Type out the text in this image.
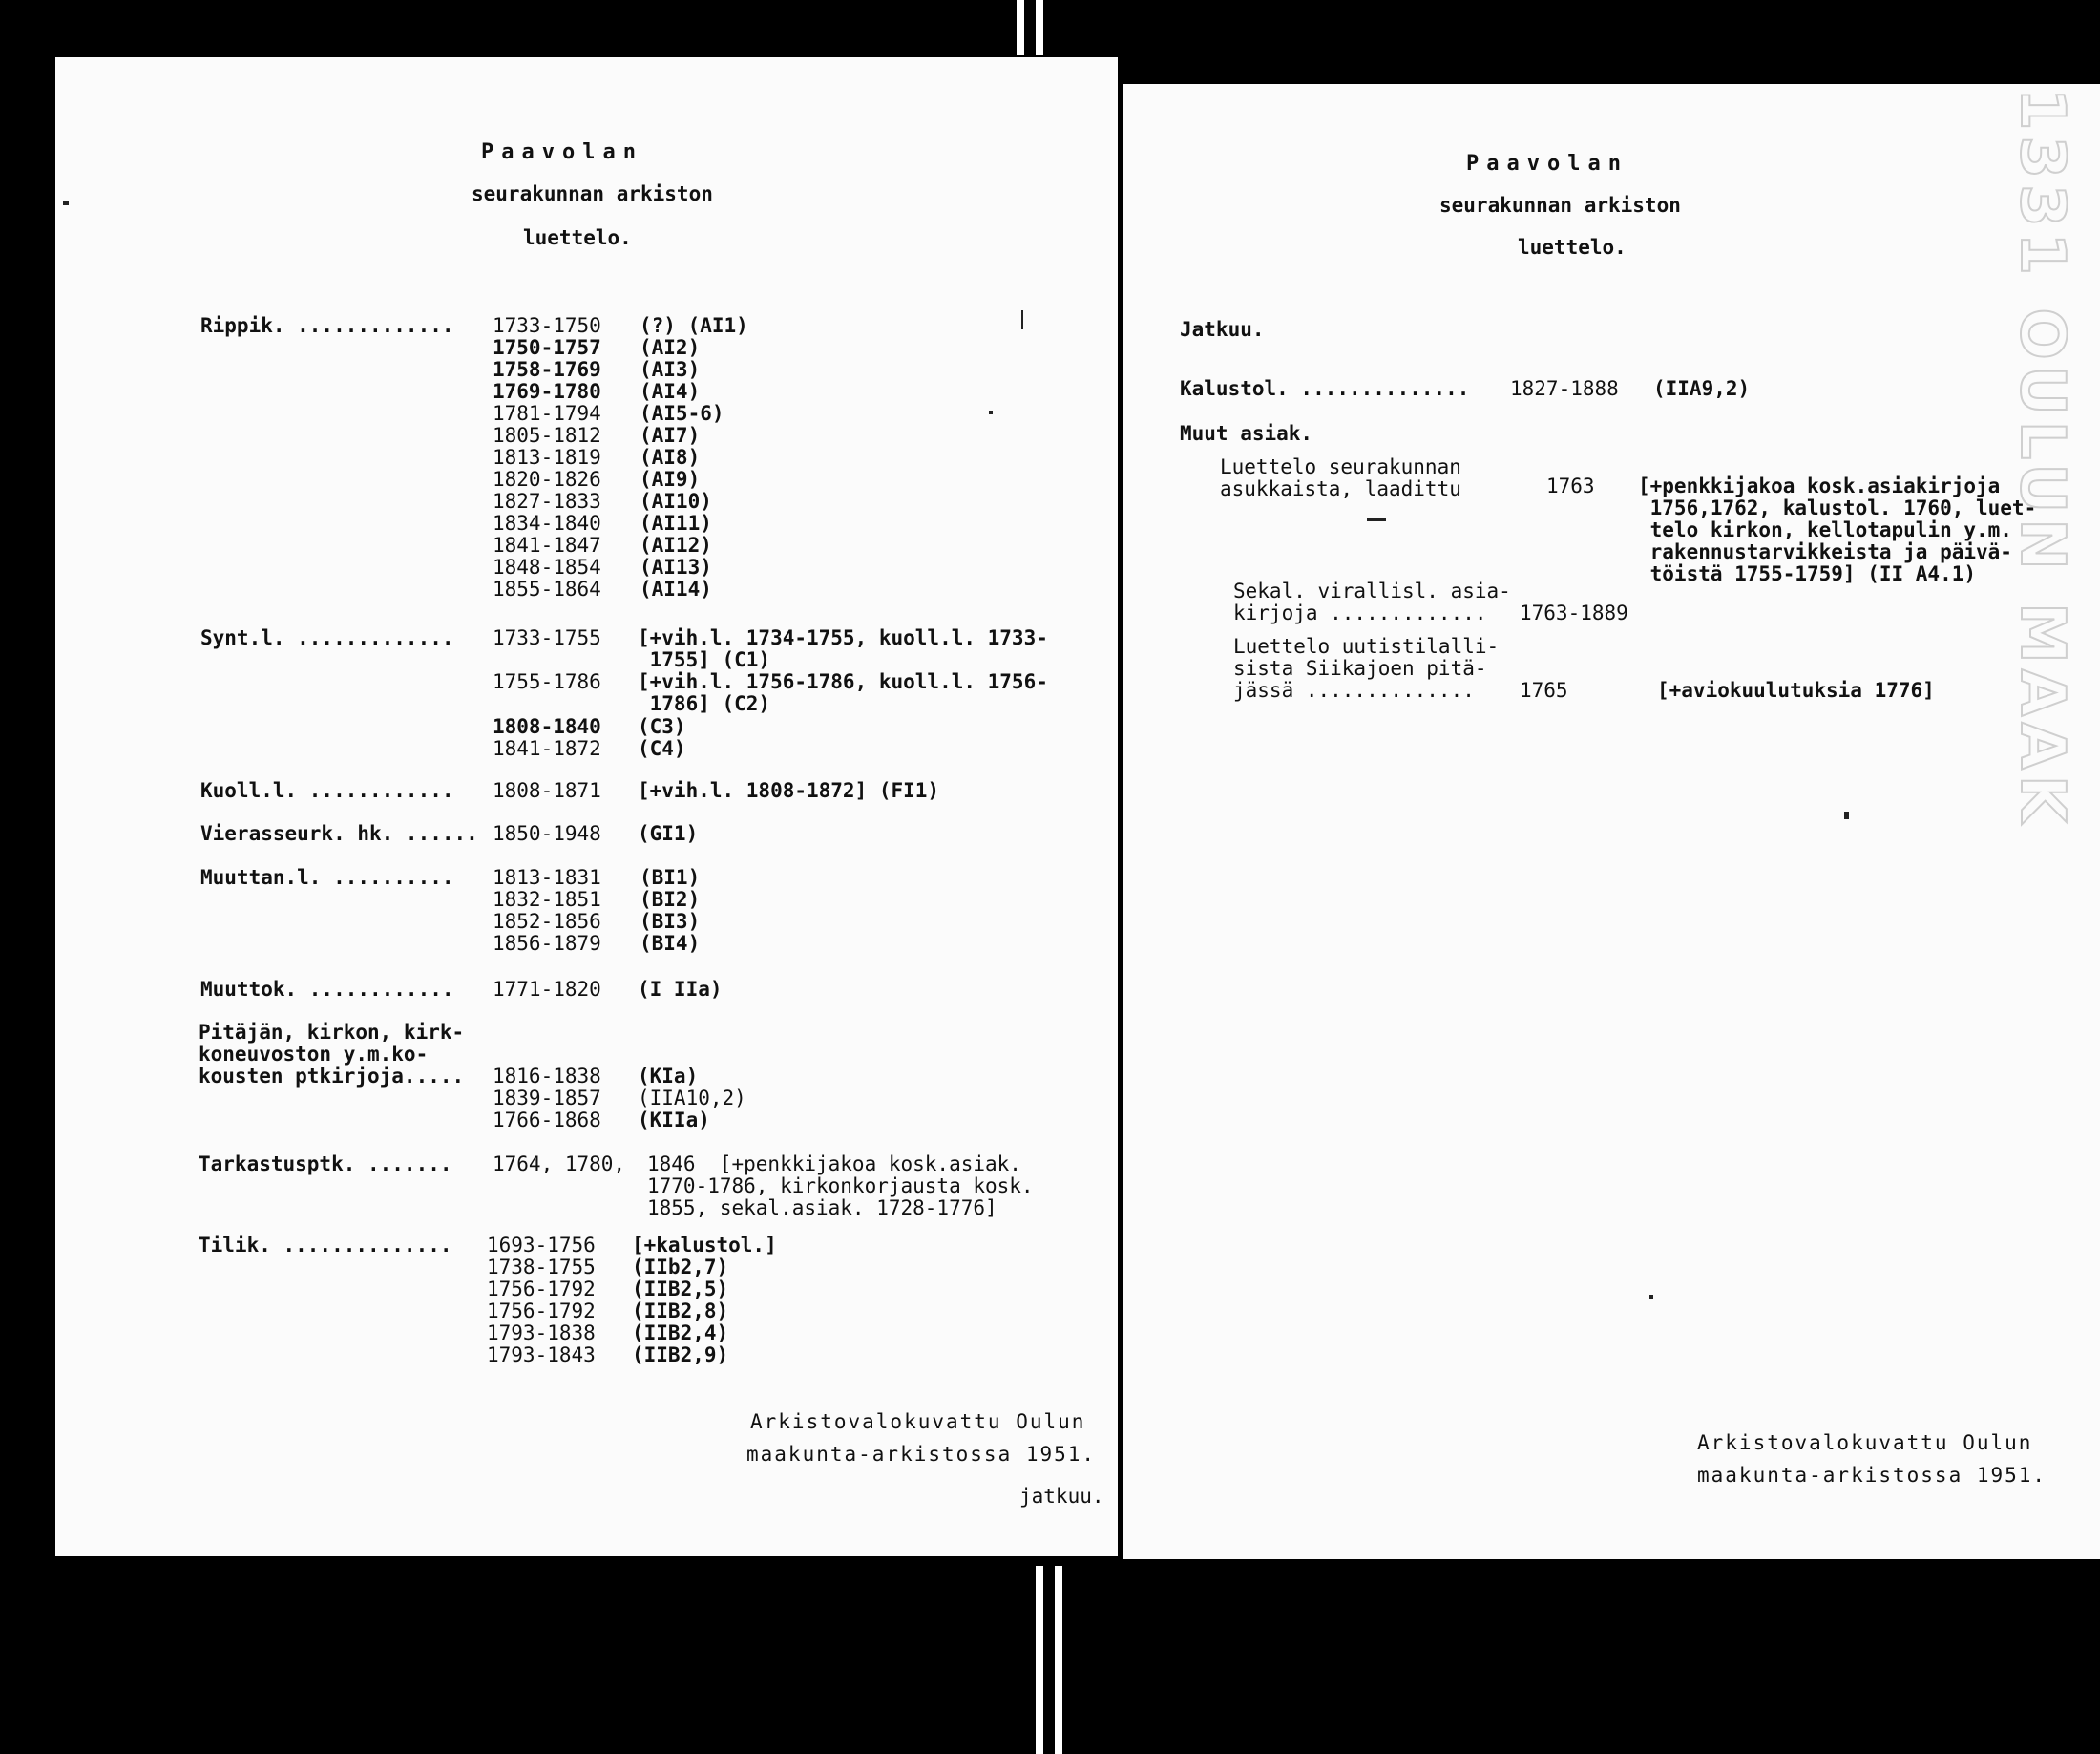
Paavolan
seurakunnan arkiston
luettelo.
Rippik. ............. 1733-1750 (?) (AI1)
1750-1757 (AI2)
1758-1769 (AI3)
1769-1780 (AI4)
1781-1794 (AI5-6)
1805-1812 (AI7)
1813-1819 (AI8)
1820-1826 (AI9)
1827-1833 (AI10)
1834-1840 (AI11)
1841-1847 (AI12)
1848-1854 (AI13)
1855-1864 (AI14)
Synt.l. ............. 1733-1755 [+vih.l. 1734-1755, kuoll.l. 1733-
1755] (C1)
1755-1786 [+vih.l. 1756-1786, kuoll.l. 1756-
1786] (C2)
1808-1840 (C3)
1841-1872 (C4)
Kuoll.l. ............ 1808-1871 [+vih.l. 1808-1872] (FI1)
Vierasseurk. hk. ...... 1850-1948 (GI1)
Muuttan.l. .......... 1813-1831 (BI1)
1832-1851 (BI2)
1852-1856 (BI3)
1856-1879 (BI4)
Muuttok. ............ 1771-1820 (I IIa)
Pitäjän, kirkon, kirk-
koneuvoston y.m.ko-
kousten ptkirjoja..... 1816-1838 (KIa)
1839-1857 (IIA10,2)
1766-1868 (KIIa)
Tarkastusptk. ....... 1764, 1780, 1846  [+penkkijakoa kosk.asiak.
1770-1786, kirkonkorjausta kosk.
1855, sekal.asiak. 1728-1776]
Tilik. .............. 1693-1756 [+kalustol.]
1738-1755 (IIb2,7)
1756-1792 (IIB2,5)
1756-1792 (IIB2,8)
1793-1838 (IIB2,4)
1793-1843 (IIB2,9)
Arkistovalokuvattu Oulun
maakunta-arkistossa 1951.
jatkuu.
Paavolan
seurakunnan arkiston
luettelo.
Jatkuu.
Kalustol. .............. 1827-1888 (IIA9,2)
Muut asiak.
Luettelo seurakunnan
asukkaista, laadittu	1763 [+penkkijakoa kosk.asiakirjoja
1756,1762, kalustol. 1760, luet-
telo kirkon, kellotapulin y.m.
rakennustarvikkeista ja päivä-
töistä 1755-1759] (II A4.1)
Sekal. virallisl. asia-
kirjoja .............	1763-1889
Luettelo uutistilalli-
sista Siikajoen pitä-
jässä ..............	1765	[+aviokuulutuksia 1776]
Arkistovalokuvattu Oulun
maakunta-arkistossa 1951.
1331 OULUN MAAK
